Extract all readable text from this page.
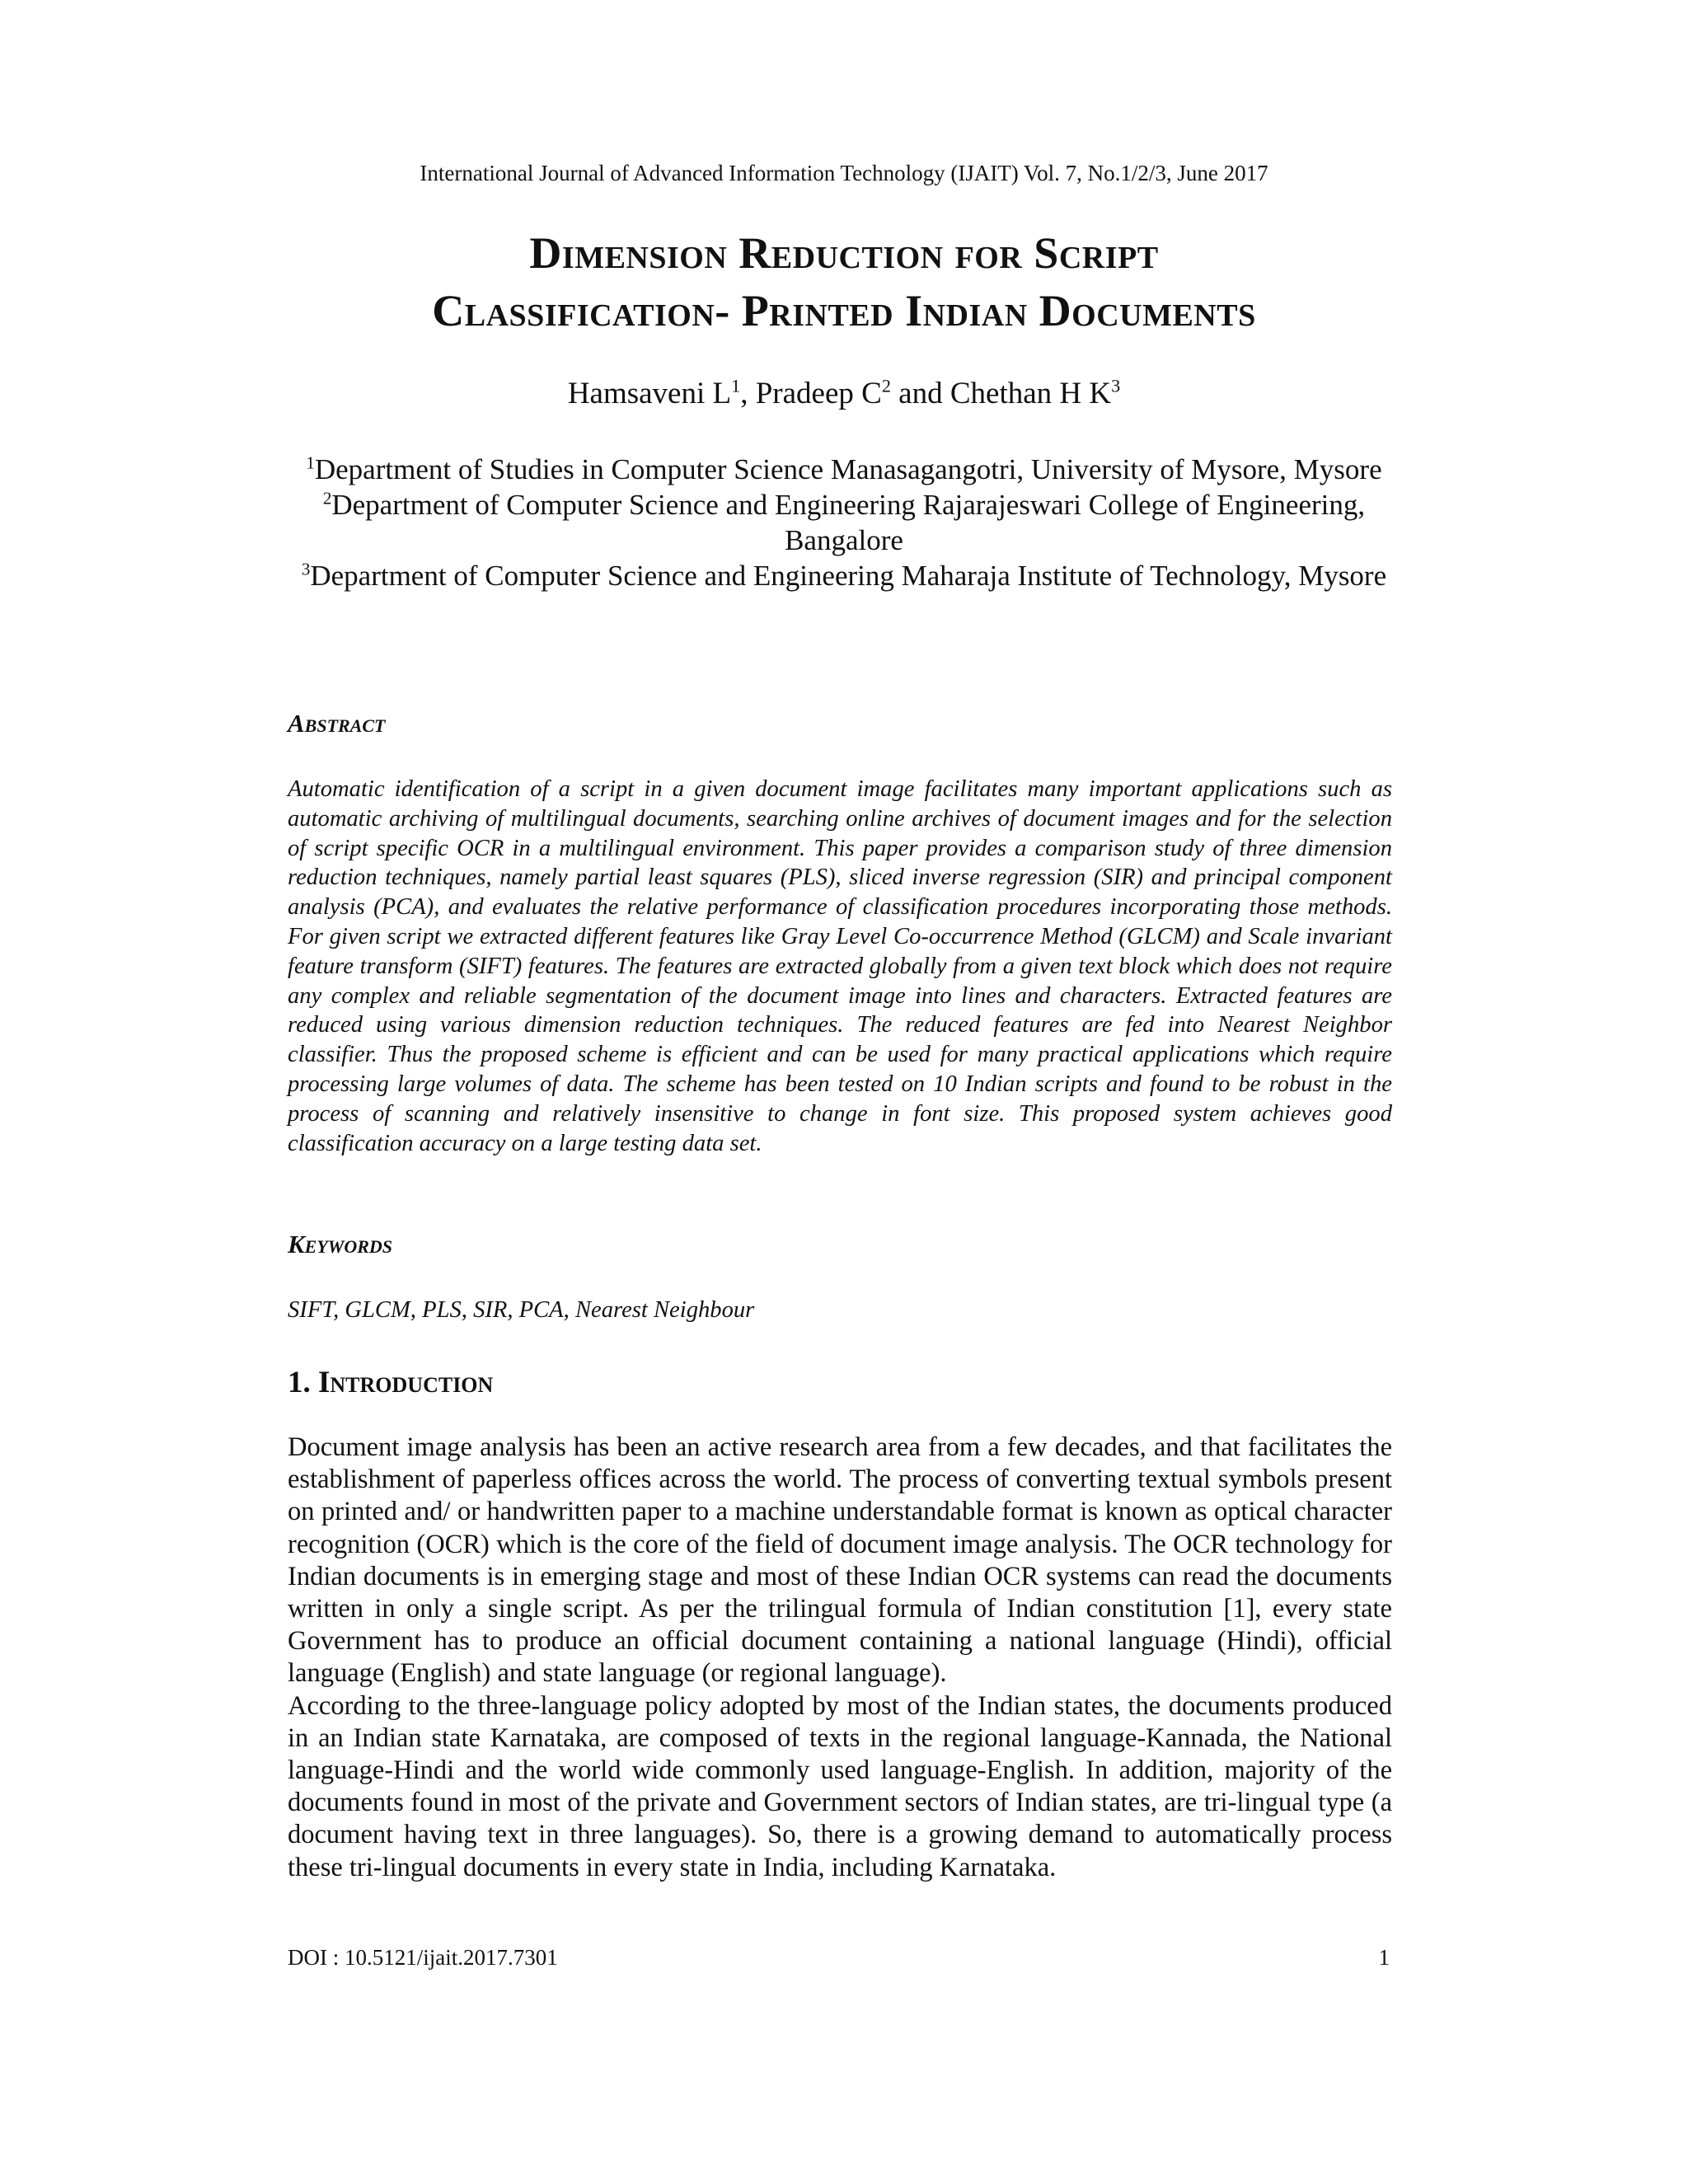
International Journal of Advanced Information Technology (IJAIT) Vol. 7, No.1/2/3, June 2017
Dimension Reduction for Script
Classification- Printed Indian Documents
Hamsaveni $L^1$, Pradeep $C^2$ and Chethan H $K^3$
$^1$Department of Studies in Computer Science Manasagangotri, University of Mysore, Mysore
$^2$Department of Computer Science and Engineering Rajarajeswari College of Engineering, Bangalore
$^3$Department of Computer Science and Engineering Maharaja Institute of Technology, Mysore
Abstract
Automatic identification of a script in a given document image facilitates many important applications such as automatic archiving of multilingual documents, searching online archives of document images and for the selection of script specific OCR in a multilingual environment. This paper provides a comparison study of three dimension reduction techniques, namely partial least squares (PLS), sliced inverse regression (SIR) and principal component analysis (PCA), and evaluates the relative performance of classification procedures incorporating those methods. For given script we extracted different features like Gray Level Co-occurrence Method (GLCM) and Scale invariant feature transform (SIFT) features. The features are extracted globally from a given text block which does not require any complex and reliable segmentation of the document image into lines and characters. Extracted features are reduced using various dimension reduction techniques. The reduced features are fed into Nearest Neighbor classifier. Thus the proposed scheme is efficient and can be used for many practical applications which require processing large volumes of data. The scheme has been tested on 10 Indian scripts and found to be robust in the process of scanning and relatively insensitive to change in font size. This proposed system achieves good classification accuracy on a large testing data set.
Keywords
SIFT, GLCM, PLS, SIR, PCA, Nearest Neighbour
1. Introduction

Document image analysis has been an active research area from a few decades, and that facilitates the establishment of paperless offices across the world. The process of converting textual symbols present on printed and/ or handwritten paper to a machine understandable format is known as optical character recognition (OCR) which is the core of the field of document image analysis. The OCR technology for Indian documents is in emerging stage and most of these Indian OCR systems can read the documents written in only a single script. As per the trilingual formula of Indian constitution [1], every state Government has to produce an official document containing a national language (Hindi), official language (English) and state language (or regional language).

According to the three-language policy adopted by most of the Indian states, the documents produced in an Indian state Karnataka, are composed of texts in the regional language-Kannada, the National language-Hindi and the world wide commonly used language-English. In addition, majority of the documents found in most of the private and Government sectors of Indian states, are tri-lingual type (a document having text in three languages). So, there is a growing demand to automatically process these tri-lingual documents in every state in India, including Karnataka.

DOI : 10.5121/ijait.2017.7301	1
